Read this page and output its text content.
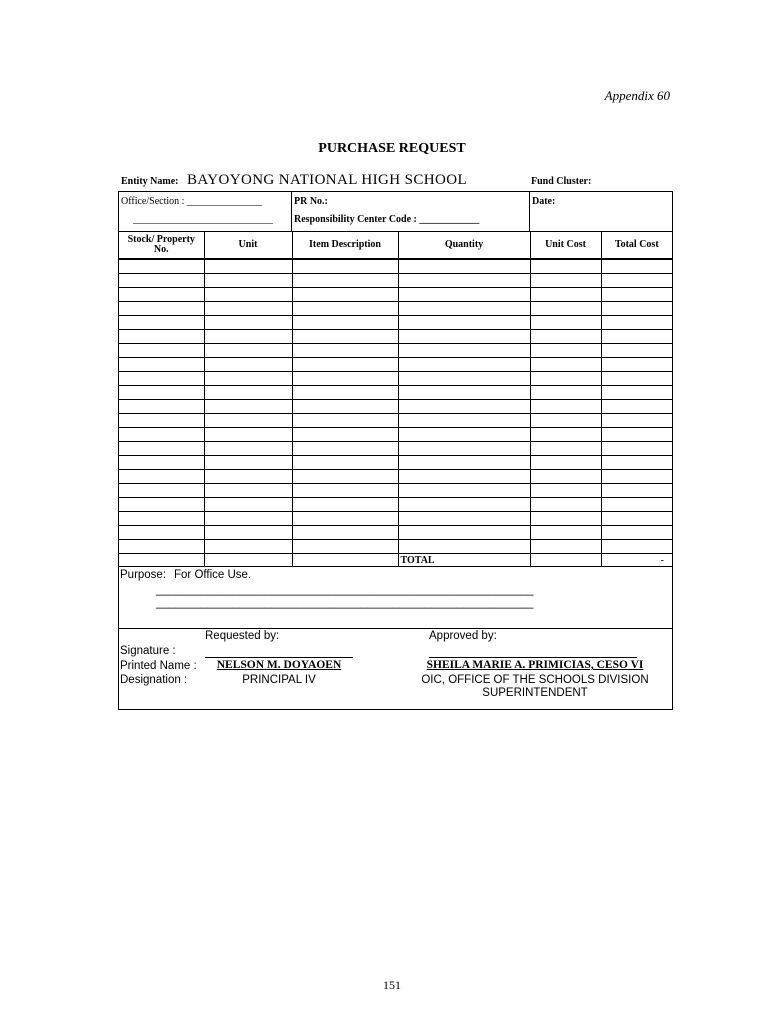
Appendix 60
PURCHASE REQUEST
Entity Name: BAYOYONG NATIONAL HIGH SCHOOL	Fund Cluster:
Office/Section : _______________
____________________________
PR No.:
Responsibility Center Code : ____________
Date:
Stock/ Property No.	Unit	Item Description	Quantity	Unit Cost	Total Cost

			TOTAL		-
Purpose: For Office Use.
___________________________________________________________
___________________________________________________________
Requested by:	Approved by:
Signature :
Printed Name :	NELSON M. DOYAOEN	SHEILA MARIE A. PRIMICIAS, CESO VI
Designation :	PRINCIPAL IV	OIC, OFFICE OF THE SCHOOLS DIVISION
SUPERINTENDENT
151
